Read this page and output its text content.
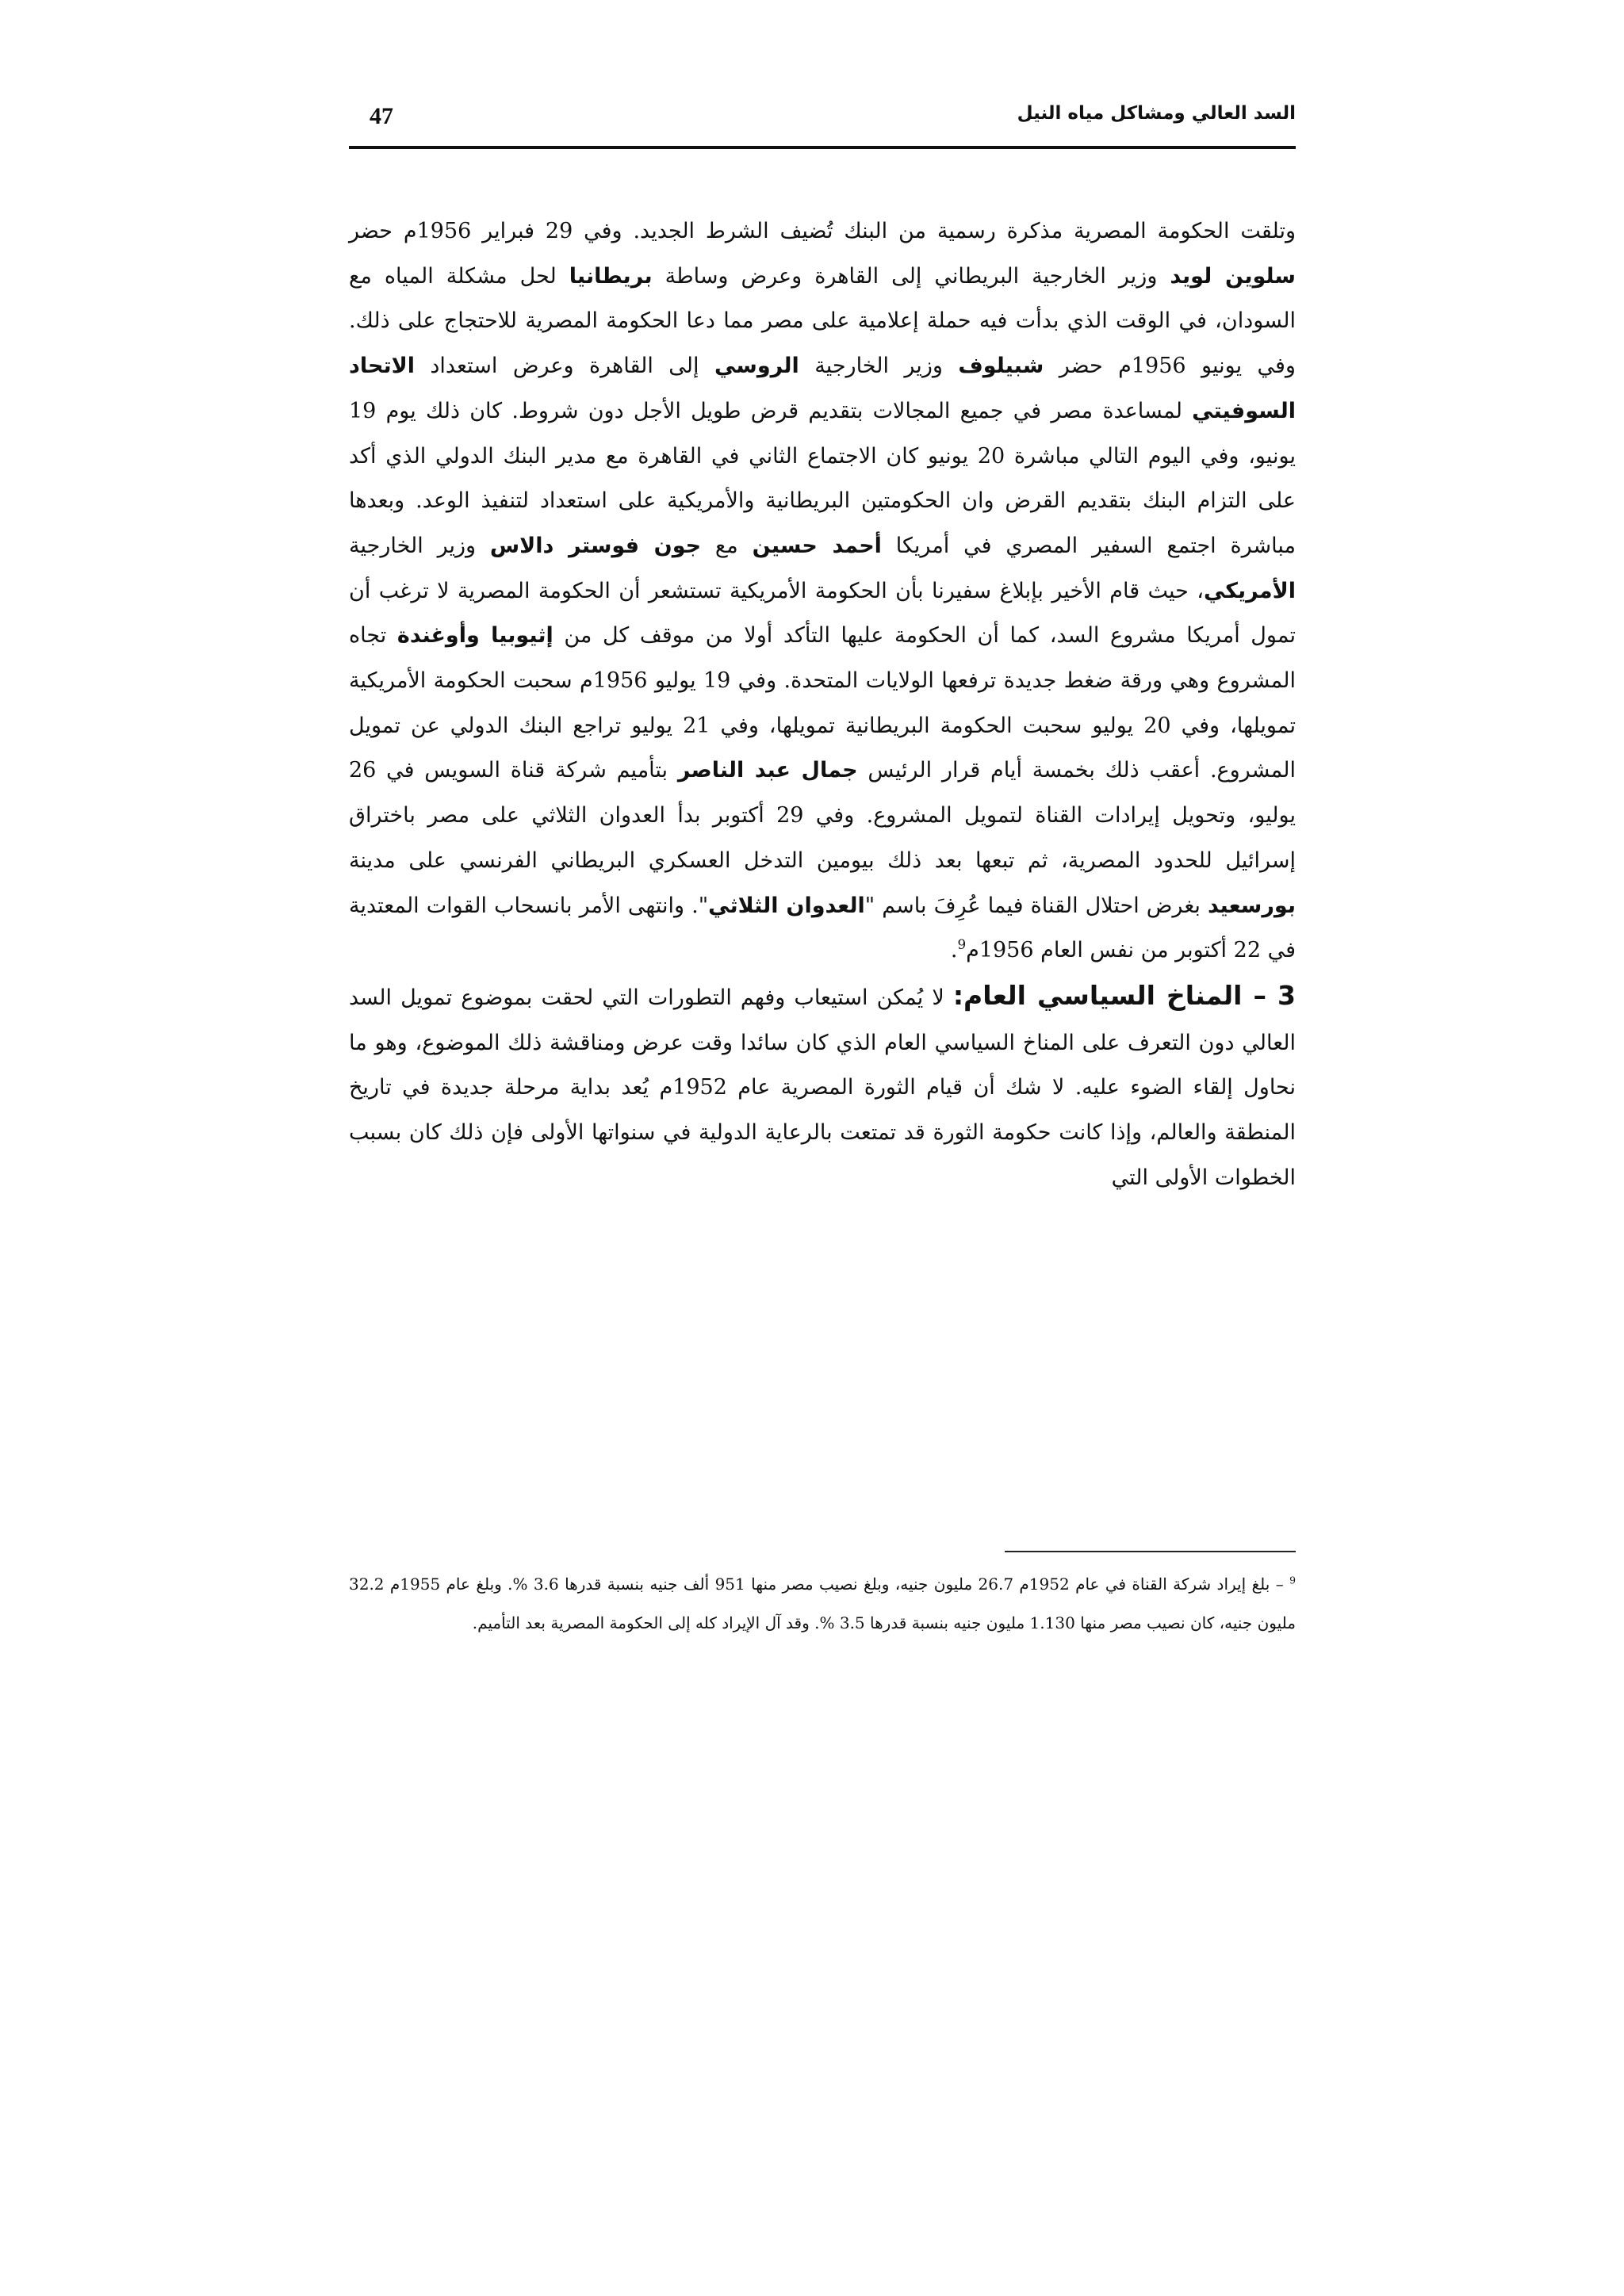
السد العالي ومشاكل مياه النيل
47

وتلقت الحكومة المصرية مذكرة رسمية من البنك تُضيف الشرط الجديد. وفي 29 فبراير 1956م حضر سلوين لويد وزير الخارجية البريطاني إلى القاهرة وعرض وساطة بريطانيا لحل مشكلة المياه مع السودان، في الوقت الذي بدأت فيه حملة إعلامية على مصر مما دعا الحكومة المصرية للاحتجاج على ذلك. وفي يونيو 1956م حضر شبيلوف وزير الخارجية الروسي إلى القاهرة وعرض استعداد الاتحاد السوفيتي لمساعدة مصر في جميع المجالات بتقديم قرض طويل الأجل دون شروط. كان ذلك يوم 19 يونيو، وفي اليوم التالي مباشرة 20 يونيو كان الاجتماع الثاني في القاهرة مع مدير البنك الدولي الذي أكد على التزام البنك بتقديم القرض وان الحكومتين البريطانية والأمريكية على استعداد لتنفيذ الوعد. وبعدها مباشرة اجتمع السفير المصري في أمريكا أحمد حسين مع جون فوستر دالاس وزير الخارجية الأمريكي، حيث قام الأخير بإبلاغ سفيرنا بأن الحكومة الأمريكية تستشعر أن الحكومة المصرية لا ترغب أن تمول أمريكا مشروع السد، كما أن الحكومة عليها التأكد أولا من موقف كل من إثيوبيا وأوغندة تجاه المشروع وهي ورقة ضغط جديدة ترفعها الولايات المتحدة. وفي 19 يوليو 1956م سحبت الحكومة الأمريكية تمويلها، وفي 20 يوليو سحبت الحكومة البريطانية تمويلها، وفي 21 يوليو تراجع البنك الدولي عن تمويل المشروع. أعقب ذلك بخمسة أيام قرار الرئيس جمال عبد الناصر بتأميم شركة قناة السويس في 26 يوليو، وتحويل إيرادات القناة لتمويل المشروع. وفي 29 أكتوبر بدأ العدوان الثلاثي على مصر باختراق إسرائيل للحدود المصرية، ثم تبعها بعد ذلك بيومين التدخل العسكري البريطاني الفرنسي على مدينة بورسعيد بغرض احتلال القناة فيما عُرِفَ باسم "العدوان الثلاثي". وانتهى الأمر بانسحاب القوات المعتدية في 22 أكتوبر من نفس العام 1956م$^9$.

3 – المناخ السياسي العام: لا يُمكن استيعاب وفهم التطورات التي لحقت بموضوع تمويل السد العالي دون التعرف على المناخ السياسي العام الذي كان سائدا وقت عرض ومناقشة ذلك الموضوع، وهو ما نحاول إلقاء الضوء عليه. لا شك أن قيام الثورة المصرية عام 1952م يُعد بداية مرحلة جديدة في تاريخ المنطقة والعالم، وإذا كانت حكومة الثورة قد تمتعت بالرعاية الدولية في سنواتها الأولى فإن ذلك كان بسبب الخطوات الأولى التي

$^9$ – بلغ إيراد شركة القناة في عام 1952م 26.7 مليون جنيه، وبلغ نصيب مصر منها 951 ألف جنيه بنسبة قدرها 3.6 %. وبلغ عام 1955م 32.2 مليون جنيه، كان نصيب مصر منها 1.130 مليون جنيه بنسبة قدرها 3.5 %. وقد آل الإيراد كله إلى الحكومة المصرية بعد التأميم.
